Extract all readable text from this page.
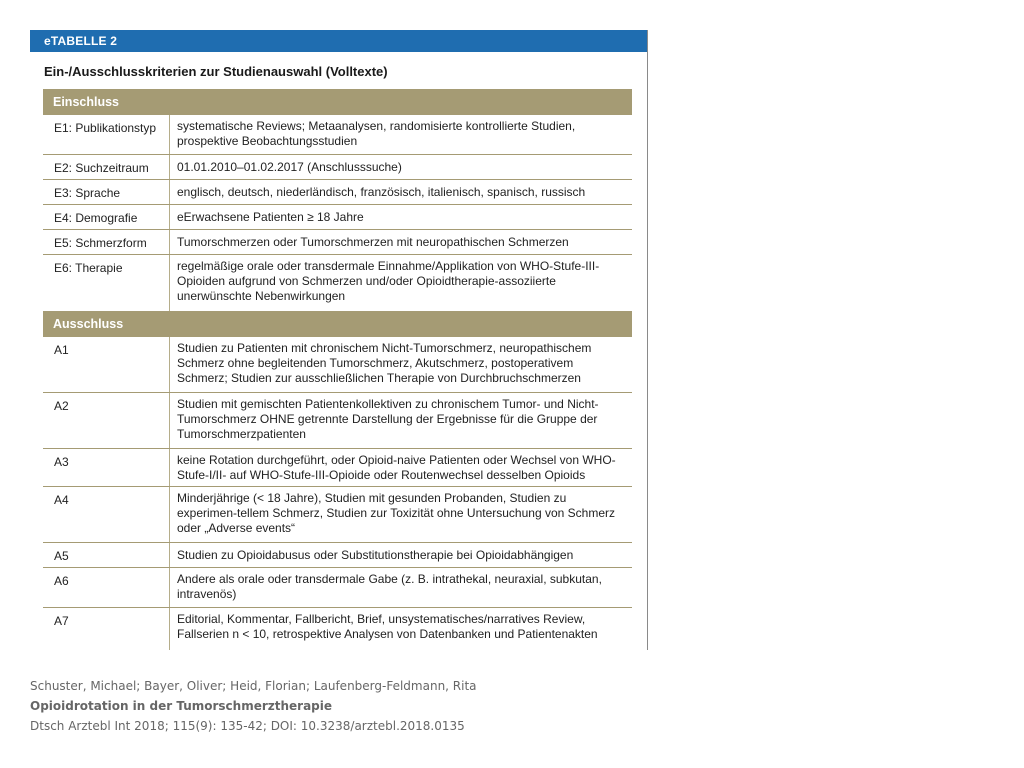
eTABELLE 2
Ein-/Ausschlusskriterien zur Studienauswahl (Volltexte)
Einschluss
E1: Publikationstyp	systematische Reviews; Metaanalysen, randomisierte kontrollierte Studien, prospektive Beobachtungsstudien
E2: Suchzeitraum	01.01.2010–01.02.2017 (Anschlusssuche)
E3: Sprache	englisch, deutsch, niederländisch, französisch, italienisch, spanisch, russisch
E4: Demografie	eErwachsene Patienten ≥ 18 Jahre
E5: Schmerzform	Tumorschmerzen oder Tumorschmerzen mit neuropathischen Schmerzen
E6: Therapie	regelmäßige orale oder transdermale Einnahme/Applikation von WHO-Stufe-III-Opioiden aufgrund von Schmerzen und/oder Opioidtherapie-assoziierte unerwünschte Nebenwirkungen
Ausschluss
A1	Studien zu Patienten mit chronischem Nicht-Tumorschmerz, neuropathischem Schmerz ohne begleitenden Tumorschmerz, Akutschmerz, postoperativem Schmerz; Studien zur ausschließlichen Therapie von Durchbruchschmerzen
A2	Studien mit gemischten Patientenkollektiven zu chronischem Tumor- und Nicht-Tumorschmerz OHNE getrennte Darstellung der Ergebnisse für die Gruppe der Tumorschmerzpatienten
A3	keine Rotation durchgeführt, oder Opioid-naive Patienten oder Wechsel von WHO-Stufe-I/II- auf WHO-Stufe-III-Opioide oder Routenwechsel desselben Opioids
A4	Minderjährige (< 18 Jahre), Studien mit gesunden Probanden, Studien zu experimen-tellem Schmerz, Studien zur Toxizität ohne Untersuchung von Schmerz oder „Adverse events“
A5	Studien zu Opioidabusus oder Substitutionstherapie bei Opioidabhängigen
A6	Andere als orale oder transdermale Gabe (z. B. intrathekal, neuraxial, subkutan, intravenös)
A7	Editorial, Kommentar, Fallbericht, Brief, unsystematisches/narratives Review, Fallserien n < 10, retrospektive Analysen von Datenbanken und Patientenakten
Schuster, Michael; Bayer, Oliver; Heid, Florian; Laufenberg-Feldmann, Rita
Opioidrotation in der Tumorschmerztherapie
Dtsch Arztebl Int 2018; 115(9): 135-42; DOI: 10.3238/arztebl.2018.0135
